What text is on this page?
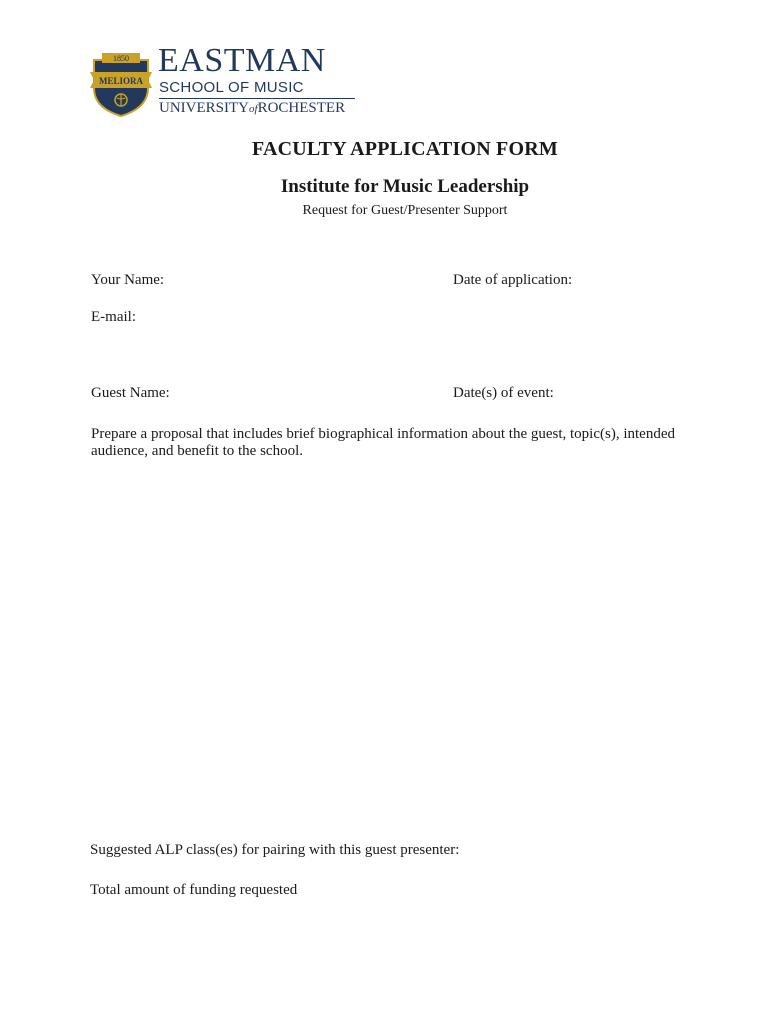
1850
MELIORA
EASTMAN
SCHOOL OF MUSIC
UNIVERSITYofROCHESTER
FACULTY APPLICATION FORM
Institute for Music Leadership
Request for Guest/Presenter Support
Your Name:	Date of application:
E-mail:
Guest Name:	Date(s) of event:
Prepare a proposal that includes brief biographical information about the guest, topic(s), intended audience, and benefit to the school.
Suggested ALP class(es) for pairing with this guest presenter:
Total amount of funding requested
